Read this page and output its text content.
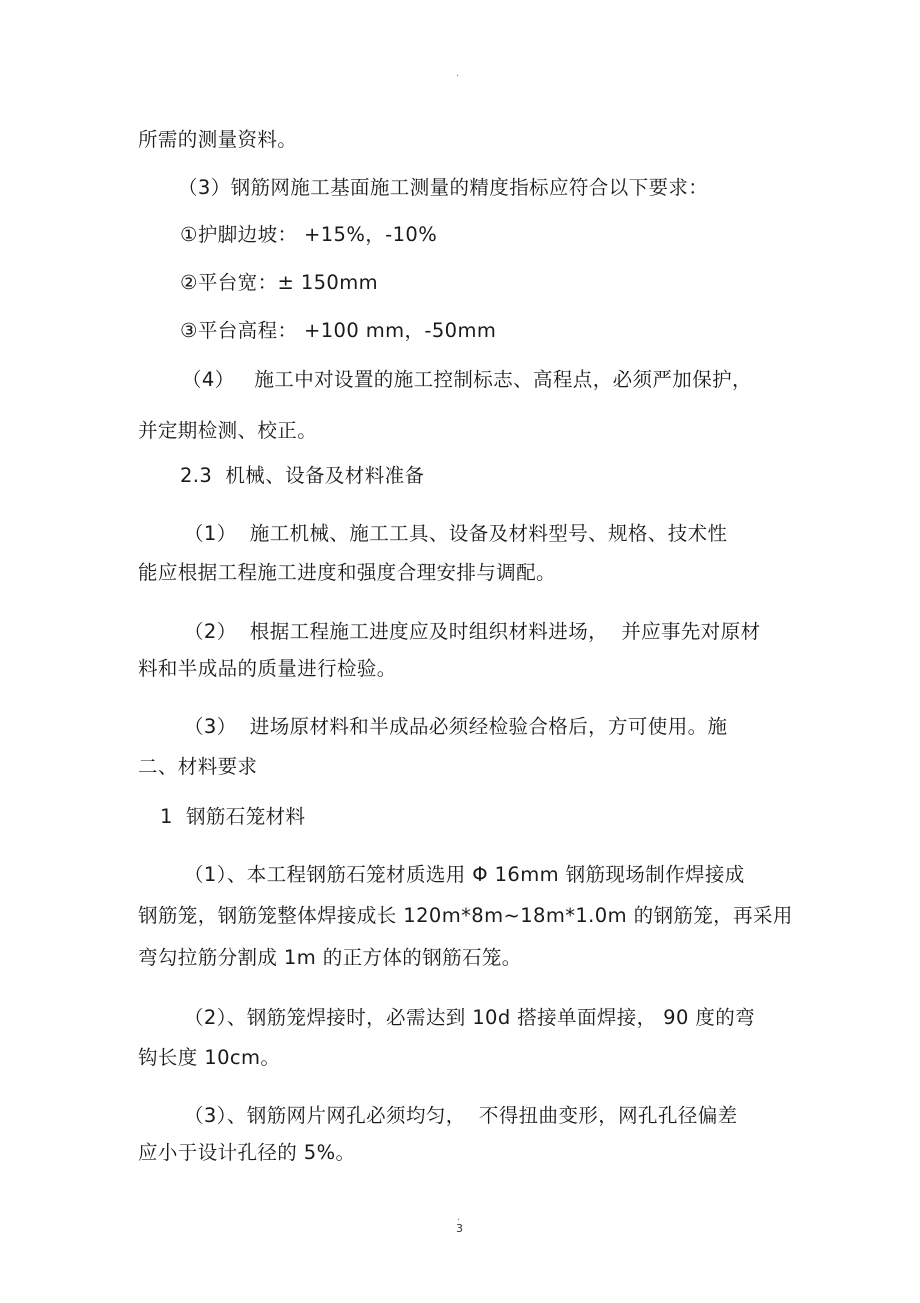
.
所需的测量资料。
（3）钢筋网施工基面施工测量的精度指标应符合以下要求：
①护脚边坡： +15%，-10%
②平台宽：± 150mm
③平台高程： +100 mm，-50mm
（4）   施工中对设置的施工控制标志、高程点，必须严加保护，
并定期检测、校正。
2.3  机械、设备及材料准备
（1）  施工机械、施工工具、设备及材料型号、规格、技术性
能应根据工程施工进度和强度合理安排与调配。
（2）  根据工程施工进度应及时组织材料进场，  并应事先对原材
料和半成品的质量进行检验。
（3）  进场原材料和半成品必须经检验合格后，方可使用。施
二、材料要求
1  钢筋石笼材料
（1）、本工程钢筋石笼材质选用 Φ 16mm 钢筋现场制作焊接成
钢筋笼，钢筋笼整体焊接成长 120m*8m~18m*1.0m 的钢筋笼，再采用
弯勾拉筋分割成 1m 的正方体的钢筋石笼。
（2）、钢筋笼焊接时，必需达到 10d 搭接单面焊接， 90 度的弯
钩长度 10cm。
（3）、钢筋网片网孔必须均匀，  不得扭曲变形，网孔孔径偏差
应小于设计孔径的 5%。
.
3
